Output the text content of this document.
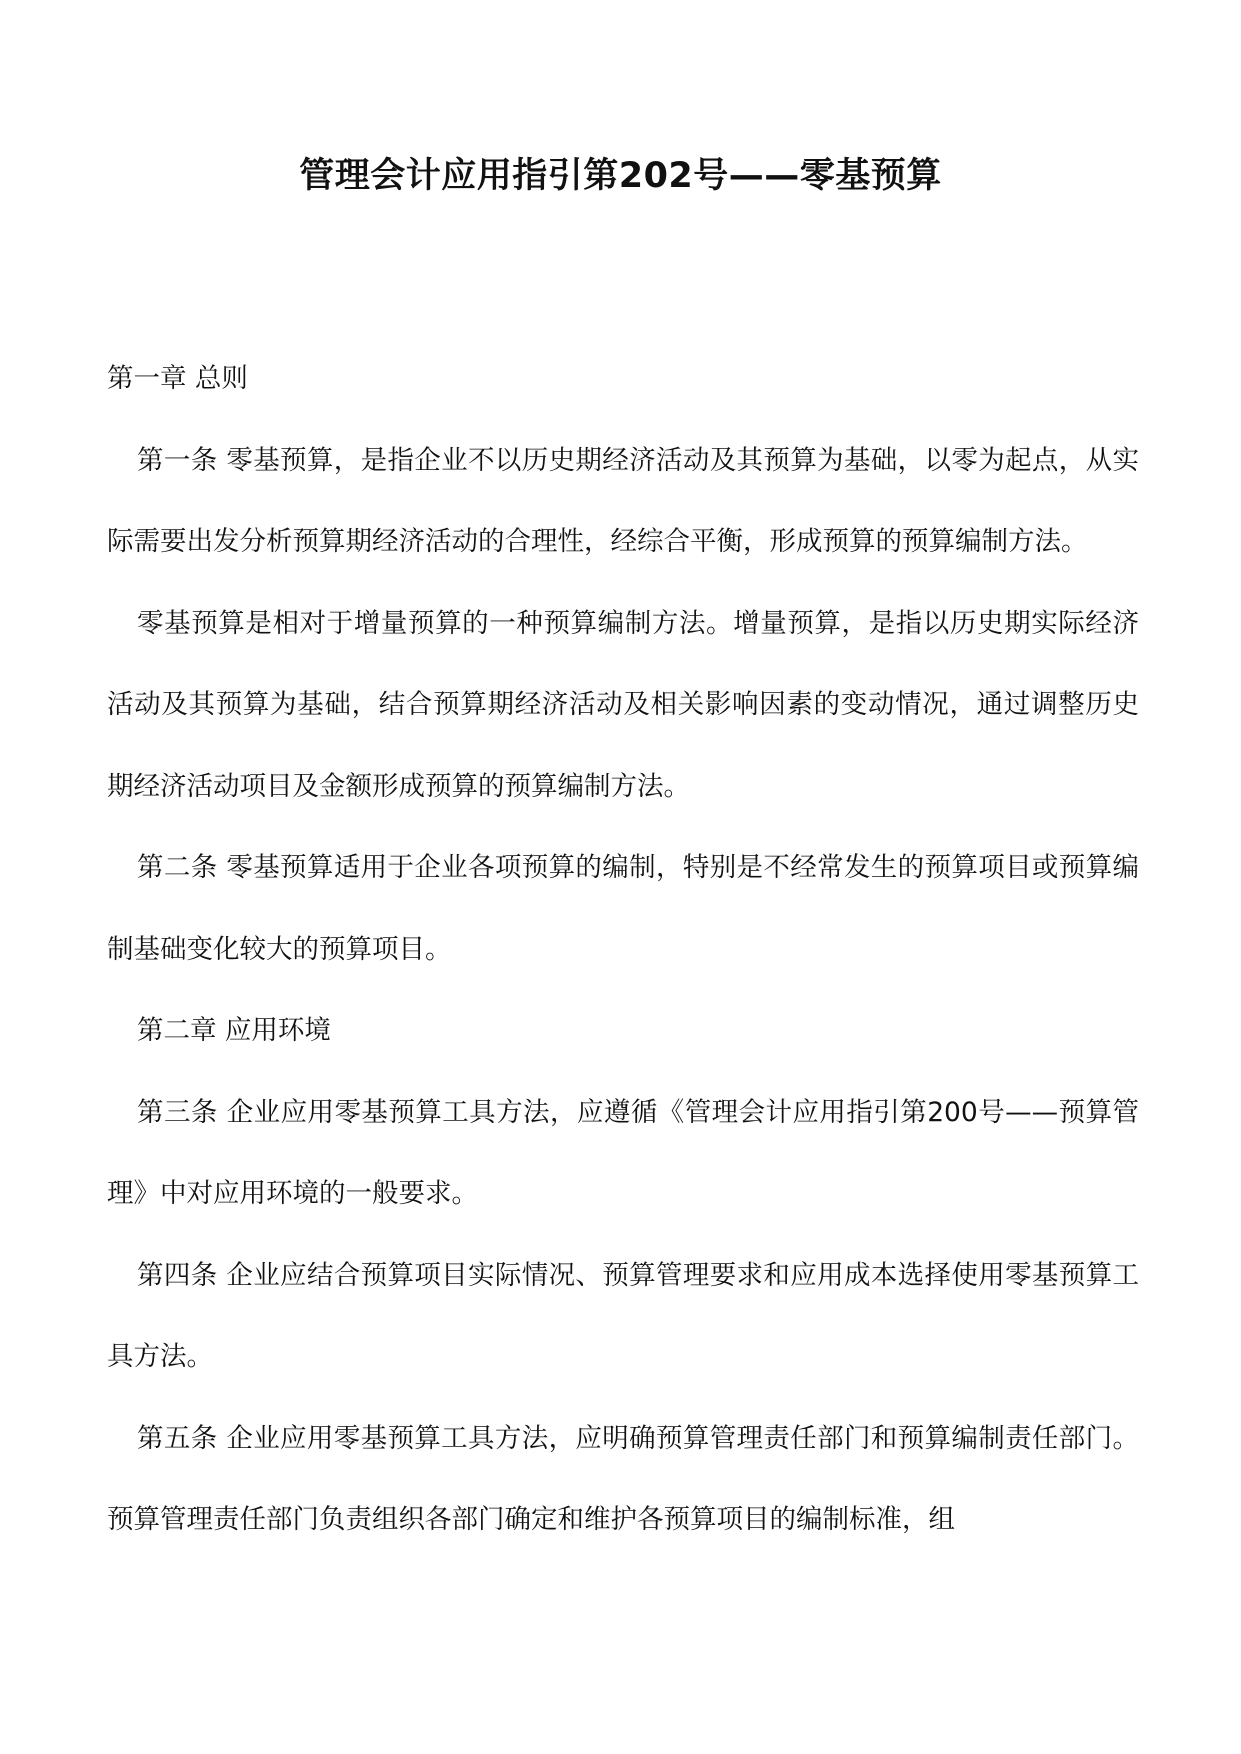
管理会计应用指引第202号——零基预算

第一章 总则

第一条 零基预算，是指企业不以历史期经济活动及其预算为基础，以零为起点，从实际需要出发分析预算期经济活动的合理性，经综合平衡，形成预算的预算编制方法。

零基预算是相对于增量预算的一种预算编制方法。增量预算，是指以历史期实际经济活动及其预算为基础，结合预算期经济活动及相关影响因素的变动情况，通过调整历史期经济活动项目及金额形成预算的预算编制方法。

第二条 零基预算适用于企业各项预算的编制，特别是不经常发生的预算项目或预算编制基础变化较大的预算项目。

第二章 应用环境

第三条 企业应用零基预算工具方法，应遵循《管理会计应用指引第200号——预算管理》中对应用环境的一般要求。

第四条 企业应结合预算项目实际情况、预算管理要求和应用成本选择使用零基预算工具方法。

第五条 企业应用零基预算工具方法，应明确预算管理责任部门和预算编制责任部门。预算管理责任部门负责组织各部门确定和维护各预算项目的编制标准，组
